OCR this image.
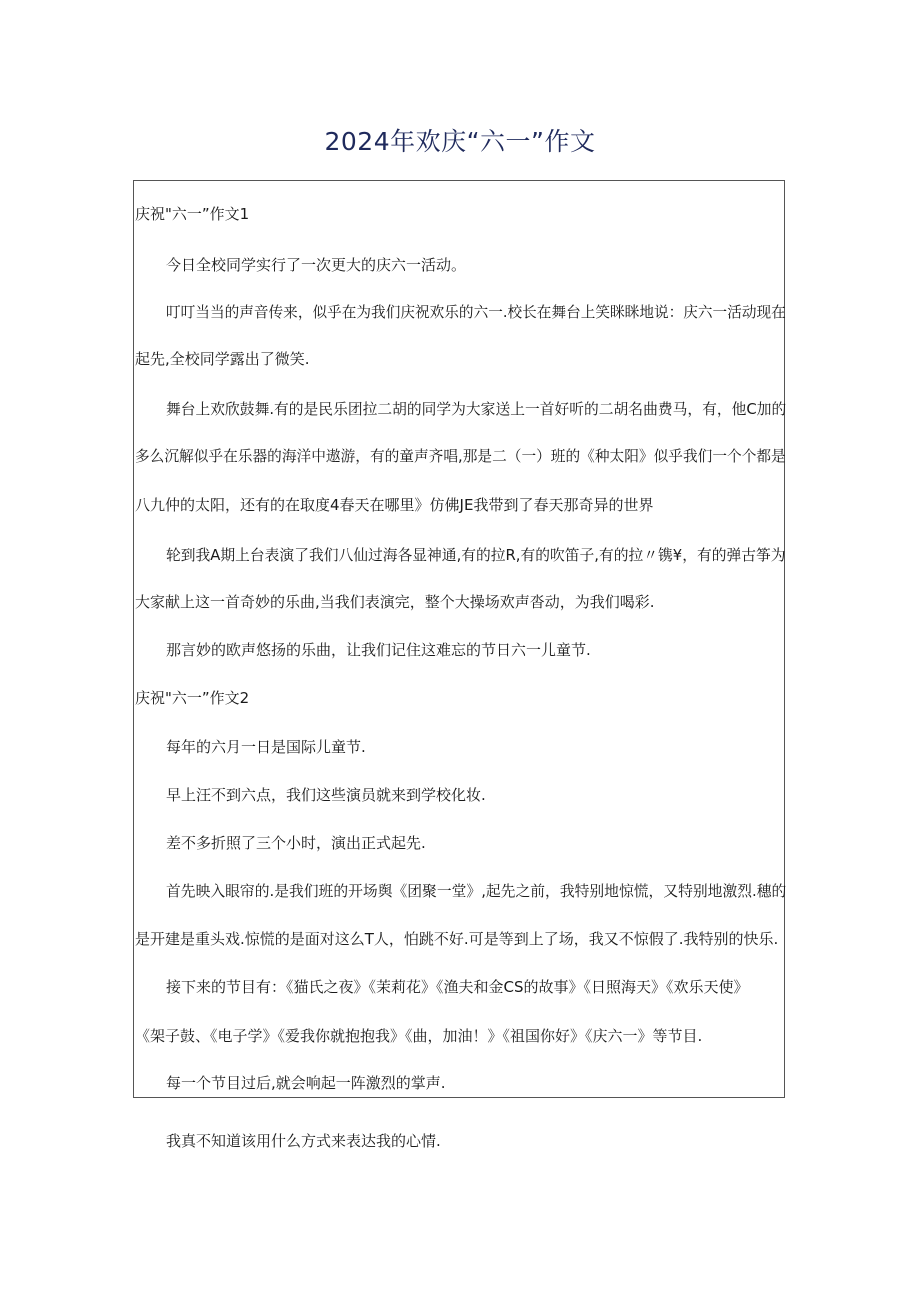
2024年欢庆“六一”作文
庆祝"六一”作文1
今日全校同学实行了一次更大的庆六一活动。
叮叮当当的声音传来，似乎在为我们庆祝欢乐的六一.校长在舞台上笑眯眯地说：庆六一活动现在
起先,全校同学露出了微笑.
舞台上欢欣鼓舞.有的是民乐团拉二胡的同学为大家送上一首好听的二胡名曲费马，有，他C加的
多么沉解似乎在乐器的海洋中遨游，有的童声齐唱,那是二（一）班的《种太阳》似乎我们一个个都是
八九仲的太阳，还有的在取度4春天在哪里》仿佛JE我带到了春天那奇异的世界
轮到我A期上台表演了我们八仙过海各显神通,有的拉R,有的吹笛子,有的拉〃镌¥，有的弹古筝为
大家献上这一首奇妙的乐曲,当我们表演完，整个大操场欢声沓动，为我们喝彩.
那言妙的欧声悠扬的乐曲，让我们记住这难忘的节日六一儿童节.
庆祝"六一”作文2
每年的六月一日是国际儿童节.
早上汪不到六点，我们这些演员就来到学校化妆.
差不多折照了三个小时，演出正式起先.
首先映入眼帘的.是我们班的开场舆《团聚一堂》,起先之前，我特别地惊慌，又特别地激烈.穗的
是开建是重头戏.惊慌的是面对这么T人，怕跳不好.可是等到上了场，我又不惊假了.我特别的快乐.
接下来的节目有：《猫氏之夜》《茉莉花》《渔夫和金CS的故事》《日照海天》《欢乐天使》
《架子鼓、《电子学》《爱我你就抱抱我》《曲，加油！》《祖国你好》《庆六一》等节目.
每一个节目过后,就会响起一阵激烈的掌声.
我真不知道该用什么方式来表达我的心情.
